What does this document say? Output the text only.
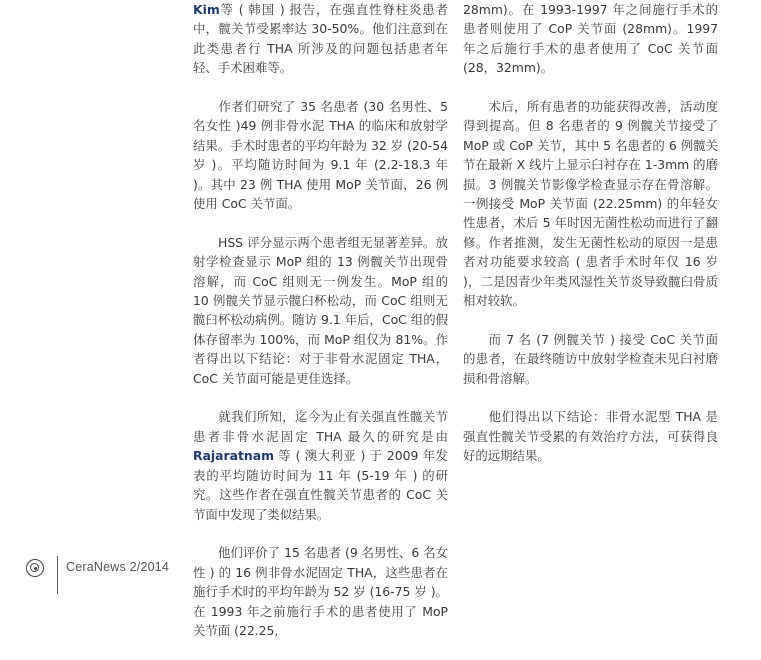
Kim等 ( 韩国 ) 报告，在强直性脊柱炎患者中，髋关节受累率达 30-50%。他们注意到在此类患者行 THA 所涉及的问题包括患者年轻、手术困难等。

作者们研究了 35 名患者 (30 名男性、5 名女性 )49 例非骨水泥 THA 的临床和放射学结果。手术时患者的平均年龄为 32 岁 (20-54 岁 )。平均随访时间为 9.1 年 (2.2-18.3 年 )。其中 23 例 THA 使用 MoP 关节面，26 例使用 CoC 关节面。

HSS 评分显示两个患者组无显著差异。放射学检查显示 MoP 组的 13 例髋关节出现骨溶解，而 CoC 组则无一例发生。MoP 组的 10 例髋关节显示髋臼杯松动，而 CoC 组则无髋臼杯松动病例。随访 9.1 年后，CoC 组的假体存留率为 100%，而 MoP 组仅为 81%。作者得出以下结论：对于非骨水泥固定 THA，CoC 关节面可能是更佳选择。

就我们所知，迄今为止有关强直性髋关节患者非骨水泥固定 THA 最久的研究是由 Rajaratnam 等 ( 澳大利亚 ) 于 2009 年发表的平均随访时间为 11 年 (5-19 年 ) 的研究。这些作者在强直性髋关节患者的 CoC 关节面中发现了类似结果。

他们评价了 15 名患者 (9 名男性、6 名女性 ) 的 16 例非骨水泥固定 THA，这些患者在施行手术时的平均年龄为 52 岁 (16-75 岁 )。在 1993 年之前施行手术的患者使用了 MoP 关节面 (22.25,

28mm)。在 1993-1997 年之间施行手术的患者则使用了 CoP 关节面 (28mm)。1997 年之后施行手术的患者使用了 CoC 关节面 (28，32mm)。

术后，所有患者的功能获得改善，活动度得到提高。但 8 名患者的 9 例髋关节接受了 MoP 或 CoP 关节，其中 5 名患者的 6 例髋关节在最新 X 线片上显示臼衬存在 1-3mm 的磨损。3 例髋关节影像学检查显示存在骨溶解。一例接受 MoP 关节面 (22.25mm) 的年轻女性患者，术后 5 年时因无菌性松动而进行了翻修。作者推测，发生无菌性松动的原因一是患者对功能要求较高 ( 患者手术时年仅 16 岁 )，二是因青少年类风湿性关节炎导致髋臼骨质相对较软。

而 7 名 (7 例髋关节 ) 接受 CoC 关节面的患者，在最终随访中放射学检查未见臼衬磨损和骨溶解。

他们得出以下结论：非骨水泥型 THA 是强直性髋关节受累的有效治疗方法，可获得良好的远期结果。

CeraNews 2/2014
